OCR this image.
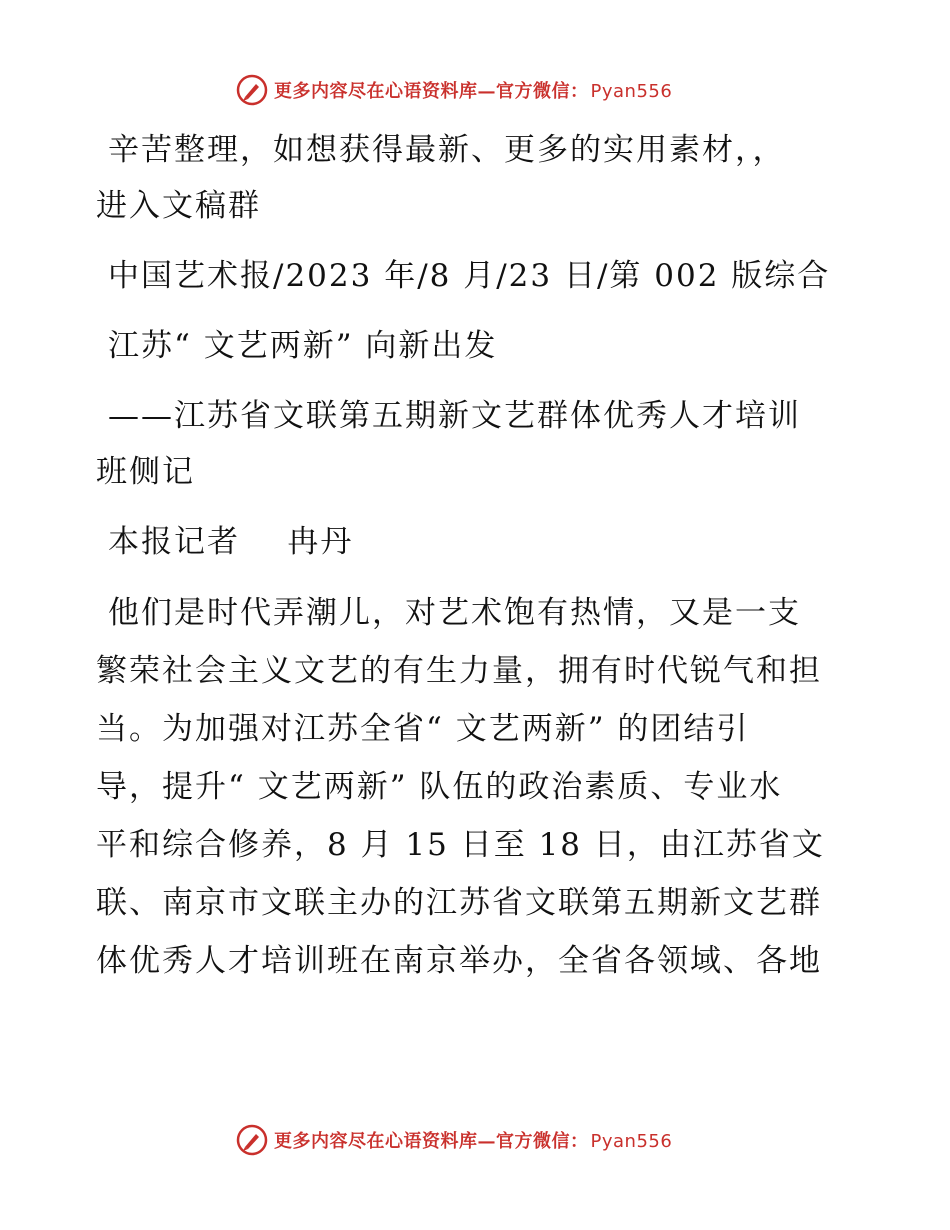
更多内容尽在心语资料库—官方微信： Pyan556
辛苦整理，如想获得最新、更多的实用素材，，
进入文稿群
中国艺术报/2023 年/8 月/23 日/第 002 版综合
江苏“ 文艺两新” 向新出发
——江苏省文联第五期新文艺群体优秀人才培训
班侧记
本报记者    冉丹
他们是时代弄潮儿，对艺术饱有热情，又是一支
繁荣社会主义文艺的有生力量，拥有时代锐气和担
当。为加强对江苏全省“ 文艺两新” 的团结引
导，提升“ 文艺两新” 队伍的政治素质、专业水
平和综合修养，8 月 15 日至 18 日，由江苏省文
联、南京市文联主办的江苏省文联第五期新文艺群
体优秀人才培训班在南京举办，全省各领域、各地
更多内容尽在心语资料库—官方微信： Pyan556
